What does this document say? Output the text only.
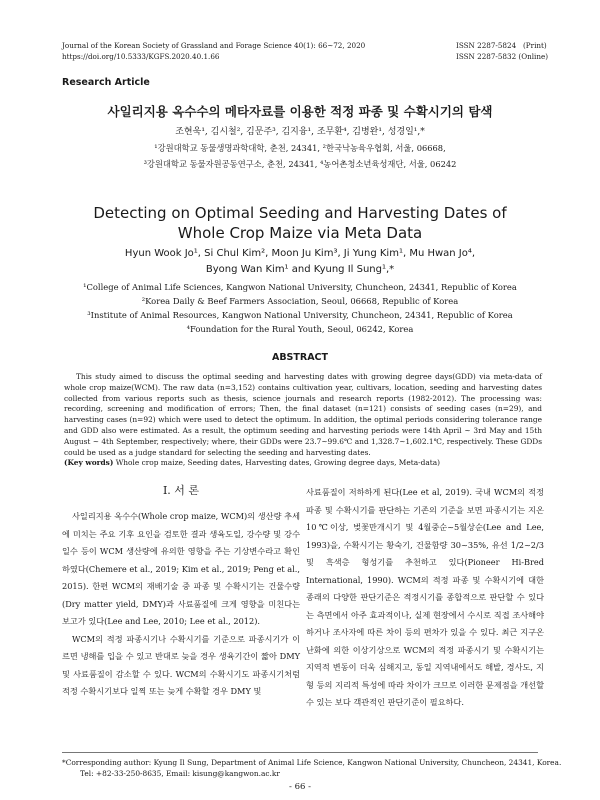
Journal of the Korean Society of Grassland and Forage Science 40(1): 66~72, 2020
https://doi.org/10.5333/KGFS.2020.40.1.66
ISSN 2287-5824   (Print)
ISSN 2287-5832 (Online)
Research Article
사일리지용 옥수수의 메타자료를 이용한 적정 파종 및 수확시기의 탐색
조현욱¹, 김시철², 김문주³, 김지융¹, 조무환⁴, 김병완¹, 성경일¹,*
¹강원대학교 동물생명과학대학, 춘천, 24341, ²한국낙농육우협회, 서울, 06668,
³강원대학교 동물자원공동연구소, 춘천, 24341, ⁴농어촌청소년육성재단, 서울, 06242
Detecting on Optimal Seeding and Harvesting Dates of
Whole Crop Maize via Meta Data
Hyun Wook Jo¹, Si Chul Kim², Moon Ju Kim³, Ji Yung Kim¹, Mu Hwan Jo⁴,
Byong Wan Kim¹ and Kyung Il Sung¹,*
¹College of Animal Life Sciences, Kangwon National University, Chuncheon, 24341, Republic of Korea
²Korea Daily & Beef Farmers Association, Seoul, 06668, Republic of Korea
³Institute of Animal Resources, Kangwon National University, Chuncheon, 24341, Republic of Korea
⁴Foundation for the Rural Youth, Seoul, 06242, Korea
ABSTRACT

This study aimed to discuss the optimal seeding and harvesting dates with growing degree days(GDD) via meta-data of whole crop maize(WCM). The raw data (n=3,152) contains cultivation year, cultivars, location, seeding and harvesting dates collected from various reports such as thesis, science journals and research reports (1982-2012). The processing was: recording, screening and modification of errors; Then, the final dataset (n=121) consists of seeding cases (n=29), and harvesting cases (n=92) which were used to detect the optimum. In addition, the optimal periods considering tolerance range and GDD also were estimated. As a result, the optimum seeding and harvesting periods were 14th April ~ 3rd May and 15th August ~ 4th September, respectively; where, their GDDs were 23.7~99.6℃ and 1,328.7~1,602.1℃, respectively. These GDDs could be used as a judge standard for selecting the seeding and harvesting dates.

(Key words) Whole crop maize, Seeding dates, Harvesting dates, Growing degree days, Meta-data)

Ⅰ. 서 론

사일리지용 옥수수(Whole crop maize, WCM)의 생산량 추세에 미치는 주요 기후 요인을 검토한 결과 생육도일, 강수량 및 강수일수 등이 WCM 생산량에 유의한 영향을 주는 기상변수라고 확인하였다(Chemere et al., 2019; Kim et al., 2019; Peng et al., 2015). 한편 WCM의 재배기술 중 파종 및 수확시기는 건물수량(Dry matter yield, DMY)과 사료품질에 크게 영향을 미친다는 보고가 있다(Lee and Lee, 2010; Lee et al., 2012).

WCM의 적정 파종시기나 수확시기를 기준으로 파종시기가 이르면 냉해를 입을 수 있고 반대로 늦을 경우 생육기간이 짧아 DMY 및 사료품질이 감소할 수 있다. WCM의 수확시기도 파종시기처럼 적정 수확시기보다 일찍 또는 늦게 수확할 경우 DMY 및

사료품질이 저하하게 된다(Lee et al, 2019). 국내 WCM의 적정 파종 및 수확시기를 판단하는 기존의 기준을 보면 파종시기는 지온 10℃이상, 벚꽃만개시기 및 4월중순~5월상순(Lee and Lee, 1993)을, 수확시기는 황숙기, 건물함량 30~35%, 유선 1/2~2/3 및 흑색층 형성기를 추천하고 있다(Pioneer Hi-Bred International, 1990). WCM의 적정 파종 및 수확시기에 대한 종래의 다양한 판단기준은 적정시기를 종합적으로 판단할 수 있다는 측면에서 아주 효과적이나, 실제 현장에서 수시로 직접 조사해야 하거나 조사자에 따른 차이 등의 편차가 있을 수 있다. 최근 지구온난화에 의한 이상기상으로 WCM의 적정 파종시기 및 수확시기는 지역적 변동이 더욱 심해지고, 동일 지역내에서도 해발, 경사도, 지형 등의 지리적 특성에 따라 차이가 크므로 이러한 문제점을 개선할 수 있는 보다 객관적인 판단기준이 필요하다.

*Corresponding author: Kyung Il Sung, Department of Animal Life Science, Kangwon National University, Chuncheon, 24341, Korea.
Tel: +82-33-250-8635, Email: kisung@kangwon.ac.kr
- 66 -
